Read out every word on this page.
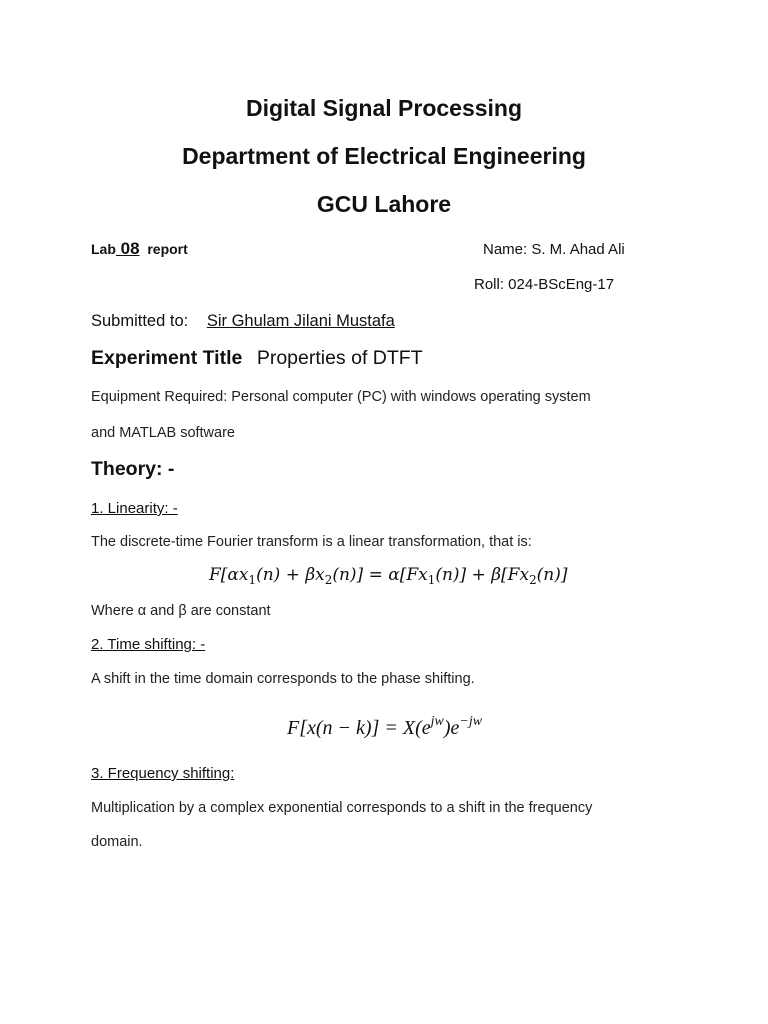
Digital Signal Processing
Department of Electrical Engineering
GCU Lahore
Lab 08 report	Name: S. M. Ahad Ali
Roll: 024-BScEng-17
Submitted to: Sir Ghulam Jilani Mustafa
Experiment Title Properties of DTFT
Equipment Required: Personal computer (PC) with windows operating system
and MATLAB software
Theory: -
1. Linearity: -
The discrete-time Fourier transform is a linear transformation, that is:
$F[\alpha x_1(n) + \beta x_2(n)] = \alpha[Fx_1(n)] + \beta[Fx_2(n)]$
Where α and β are constant
2. Time shifting: -
A shift in the time domain corresponds to the phase shifting.
$F[x(n - k)] = X(e^{jw})e^{-jw}$
3. Frequency shifting:
Multiplication by a complex exponential corresponds to a shift in the frequency
domain.
